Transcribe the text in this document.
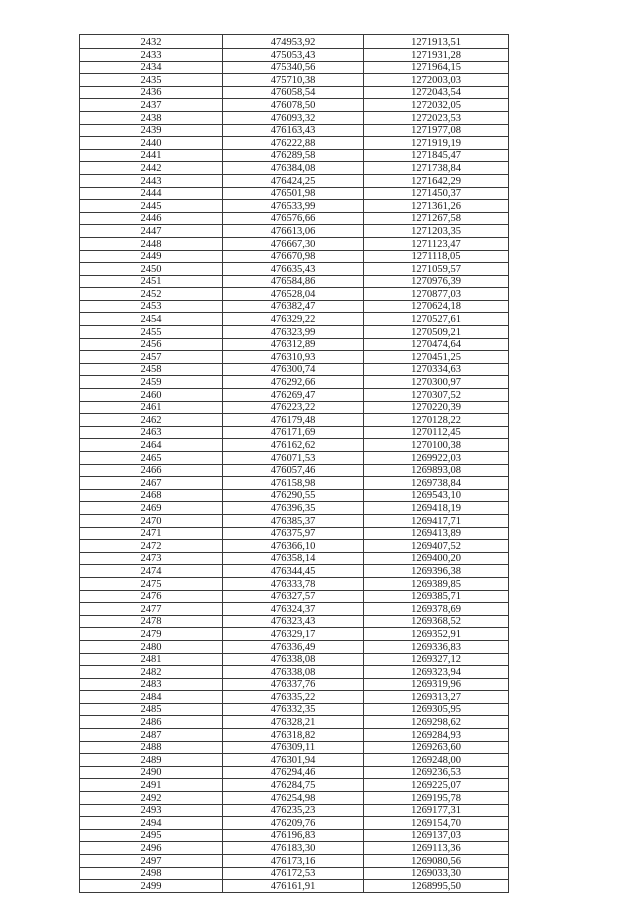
2432	474953,92	1271913,51
2433	475053,43	1271931,28
2434	475340,56	1271964,15
2435	475710,38	1272003,03
2436	476058,54	1272043,54
2437	476078,50	1272032,05
2438	476093,32	1272023,53
2439	476163,43	1271977,08
2440	476222,88	1271919,19
2441	476289,58	1271845,47
2442	476384,08	1271738,84
2443	476424,25	1271642,29
2444	476501,98	1271450,37
2445	476533,99	1271361,26
2446	476576,66	1271267,58
2447	476613,06	1271203,35
2448	476667,30	1271123,47
2449	476670,98	1271118,05
2450	476635,43	1271059,57
2451	476584,86	1270976,39
2452	476528,04	1270877,03
2453	476382,47	1270624,18
2454	476329,22	1270527,61
2455	476323,99	1270509,21
2456	476312,89	1270474,64
2457	476310,93	1270451,25
2458	476300,74	1270334,63
2459	476292,66	1270300,97
2460	476269,47	1270307,52
2461	476223,22	1270220,39
2462	476179,48	1270128,22
2463	476171,69	1270112,45
2464	476162,62	1270100,38
2465	476071,53	1269922,03
2466	476057,46	1269893,08
2467	476158,98	1269738,84
2468	476290,55	1269543,10
2469	476396,35	1269418,19
2470	476385,37	1269417,71
2471	476375,97	1269413,89
2472	476366,10	1269407,52
2473	476358,14	1269400,20
2474	476344,45	1269396,38
2475	476333,78	1269389,85
2476	476327,57	1269385,71
2477	476324,37	1269378,69
2478	476323,43	1269368,52
2479	476329,17	1269352,91
2480	476336,49	1269336,83
2481	476338,08	1269327,12
2482	476338,08	1269323,94
2483	476337,76	1269319,96
2484	476335,22	1269313,27
2485	476332,35	1269305,95
2486	476328,21	1269298,62
2487	476318,82	1269284,93
2488	476309,11	1269263,60
2489	476301,94	1269248,00
2490	476294,46	1269236,53
2491	476284,75	1269225,07
2492	476254,98	1269195,78
2493	476235,23	1269177,31
2494	476209,76	1269154,70
2495	476196,83	1269137,03
2496	476183,30	1269113,36
2497	476173,16	1269080,56
2498	476172,53	1269033,30
2499	476161,91	1268995,50
